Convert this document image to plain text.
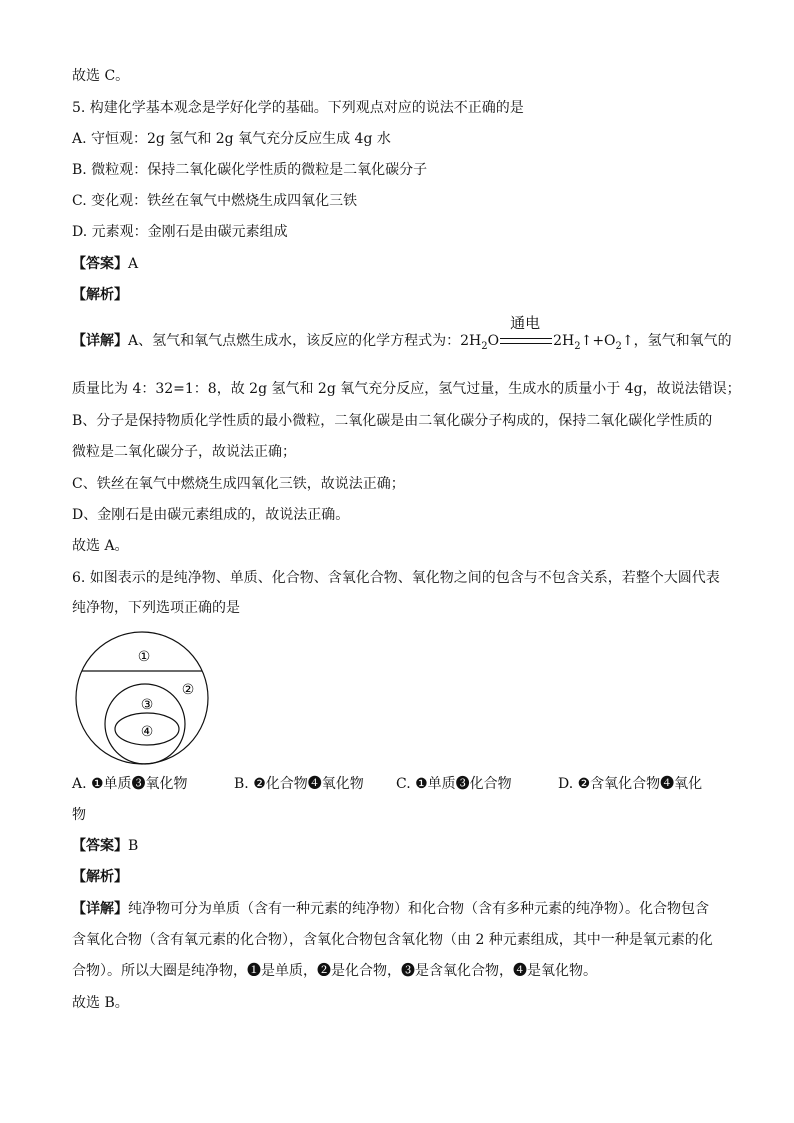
故选 C。
5. 构建化学基本观念是学好化学的基础。下列观点对应的说法不正确的是
A. 守恒观：2g 氢气和 2g 氧气充分反应生成 4g 水
B. 微粒观：保持二氧化碳化学性质的微粒是二氧化碳分子
C. 变化观：铁丝在氧气中燃烧生成四氧化三铁
D. 元素观：金刚石是由碳元素组成
【答案】A
【解析】
【详解】A、氢气和氧气点燃生成水，该反应的化学方程式为：$2H_2O$
通电
$2H_2↑+O_2↑$，氢气和氧气的
质量比为 4：32=1：8，故 2g 氢气和 2g 氧气充分反应，氢气过量，生成水的质量小于 4g，故说法错误；
B、分子是保持物质化学性质的最小微粒，二氧化碳是由二氧化碳分子构成的，保持二氧化碳化学性质的
微粒是二氧化碳分子，故说法正确；
C、铁丝在氧气中燃烧生成四氧化三铁，故说法正确；
D、金刚石是由碳元素组成的，故说法正确。
故选 A。
6. 如图表示的是纯净物、单质、化合物、含氧化合物、氧化物之间的包含与不包含关系，若整个大圆代表
纯净物，下列选项正确的是
①
②
③
④
A. ❶单质❸氧化物	B. ❷化合物❹氧化物 C. ❶单质❸化合物	D. ❷含氧化合物❹氧化
物
【答案】B
【解析】
【详解】纯净物可分为单质（含有一种元素的纯净物）和化合物（含有多种元素的纯净物）。化合物包含
含氧化合物（含有氧元素的化合物），含氧化合物包含氧化物（由 2 种元素组成，其中一种是氧元素的化
合物）。所以大圈是纯净物，❶是单质，❷是化合物，❸是含氧化合物，❹是氧化物。
故选 B。
